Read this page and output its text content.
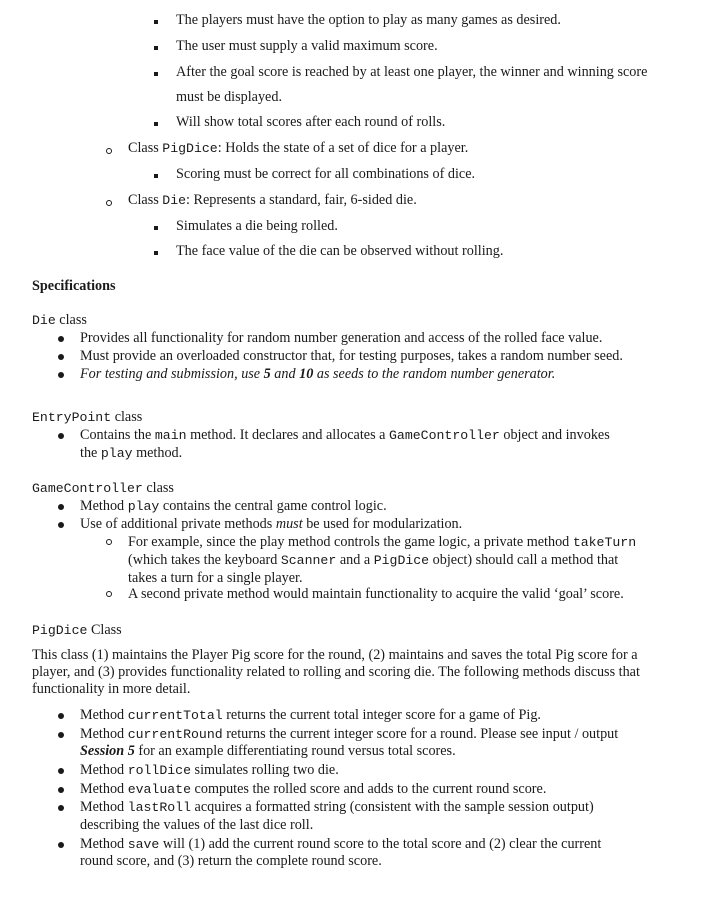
The players must have the option to play as many games as desired.
The user must supply a valid maximum score.
After the goal score is reached by at least one player, the winner and winning score
must be displayed.
Will show total scores after each round of rolls.
Class PigDice: Holds the state of a set of dice for a player.
Scoring must be correct for all combinations of dice.
Class Die: Represents a standard, fair, 6-sided die.
Simulates a die being rolled.
The face value of the die can be observed without rolling.
Specifications
Die class
Provides all functionality for random number generation and access of the rolled face value.
Must provide an overloaded constructor that, for testing purposes, takes a random number seed.
For testing and submission, use 5 and 10 as seeds to the random number generator.
EntryPoint class
Contains the main method. It declares and allocates a GameController object and invokes
the play method.
GameController class
Method play contains the central game control logic.
Use of additional private methods must be used for modularization.
For example, since the play method controls the game logic, a private method takeTurn
(which takes the keyboard Scanner and a PigDice object) should call a method that
takes a turn for a single player.
A second private method would maintain functionality to acquire the valid ‘goal’ score.
PigDice Class
This class (1) maintains the Player Pig score for the round, (2) maintains and saves the total Pig score for a
player, and (3) provides functionality related to rolling and scoring die. The following methods discuss that
functionality in more detail.
Method currentTotal returns the current total integer score for a game of Pig.
Method currentRound returns the current integer score for a round. Please see input / output
Session 5 for an example differentiating round versus total scores.
Method rollDice simulates rolling two die.
Method evaluate computes the rolled score and adds to the current round score.
Method lastRoll acquires a formatted string (consistent with the sample session output)
describing the values of the last dice roll.
Method save will (1) add the current round score to the total score and (2) clear the current
round score, and (3) return the complete round score.
